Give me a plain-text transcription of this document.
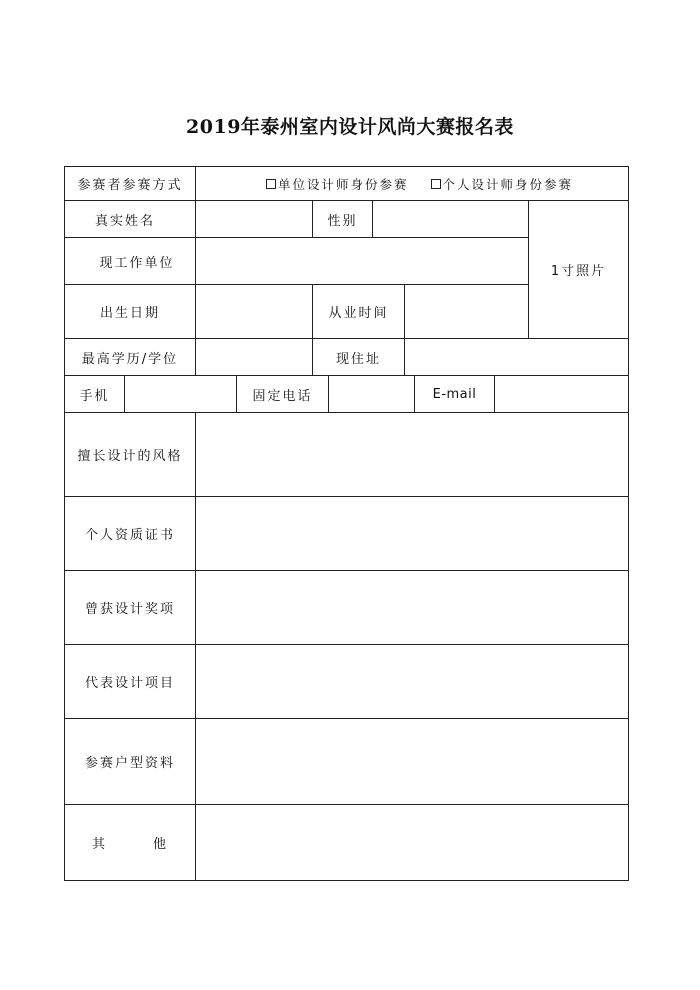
2019年泰州室内设计风尚大赛报名表
参赛者参赛方式	单位设计师身份参赛	个人设计师身份参赛
真实姓名	性别
1寸照片
现工作单位
出生日期	从业时间
最高学历/学位	现住址
手机	固定电话	E-mail
擅长设计的风格
个人资质证书
曾获设计奖项
代表设计项目
参赛户型资料
其	他
